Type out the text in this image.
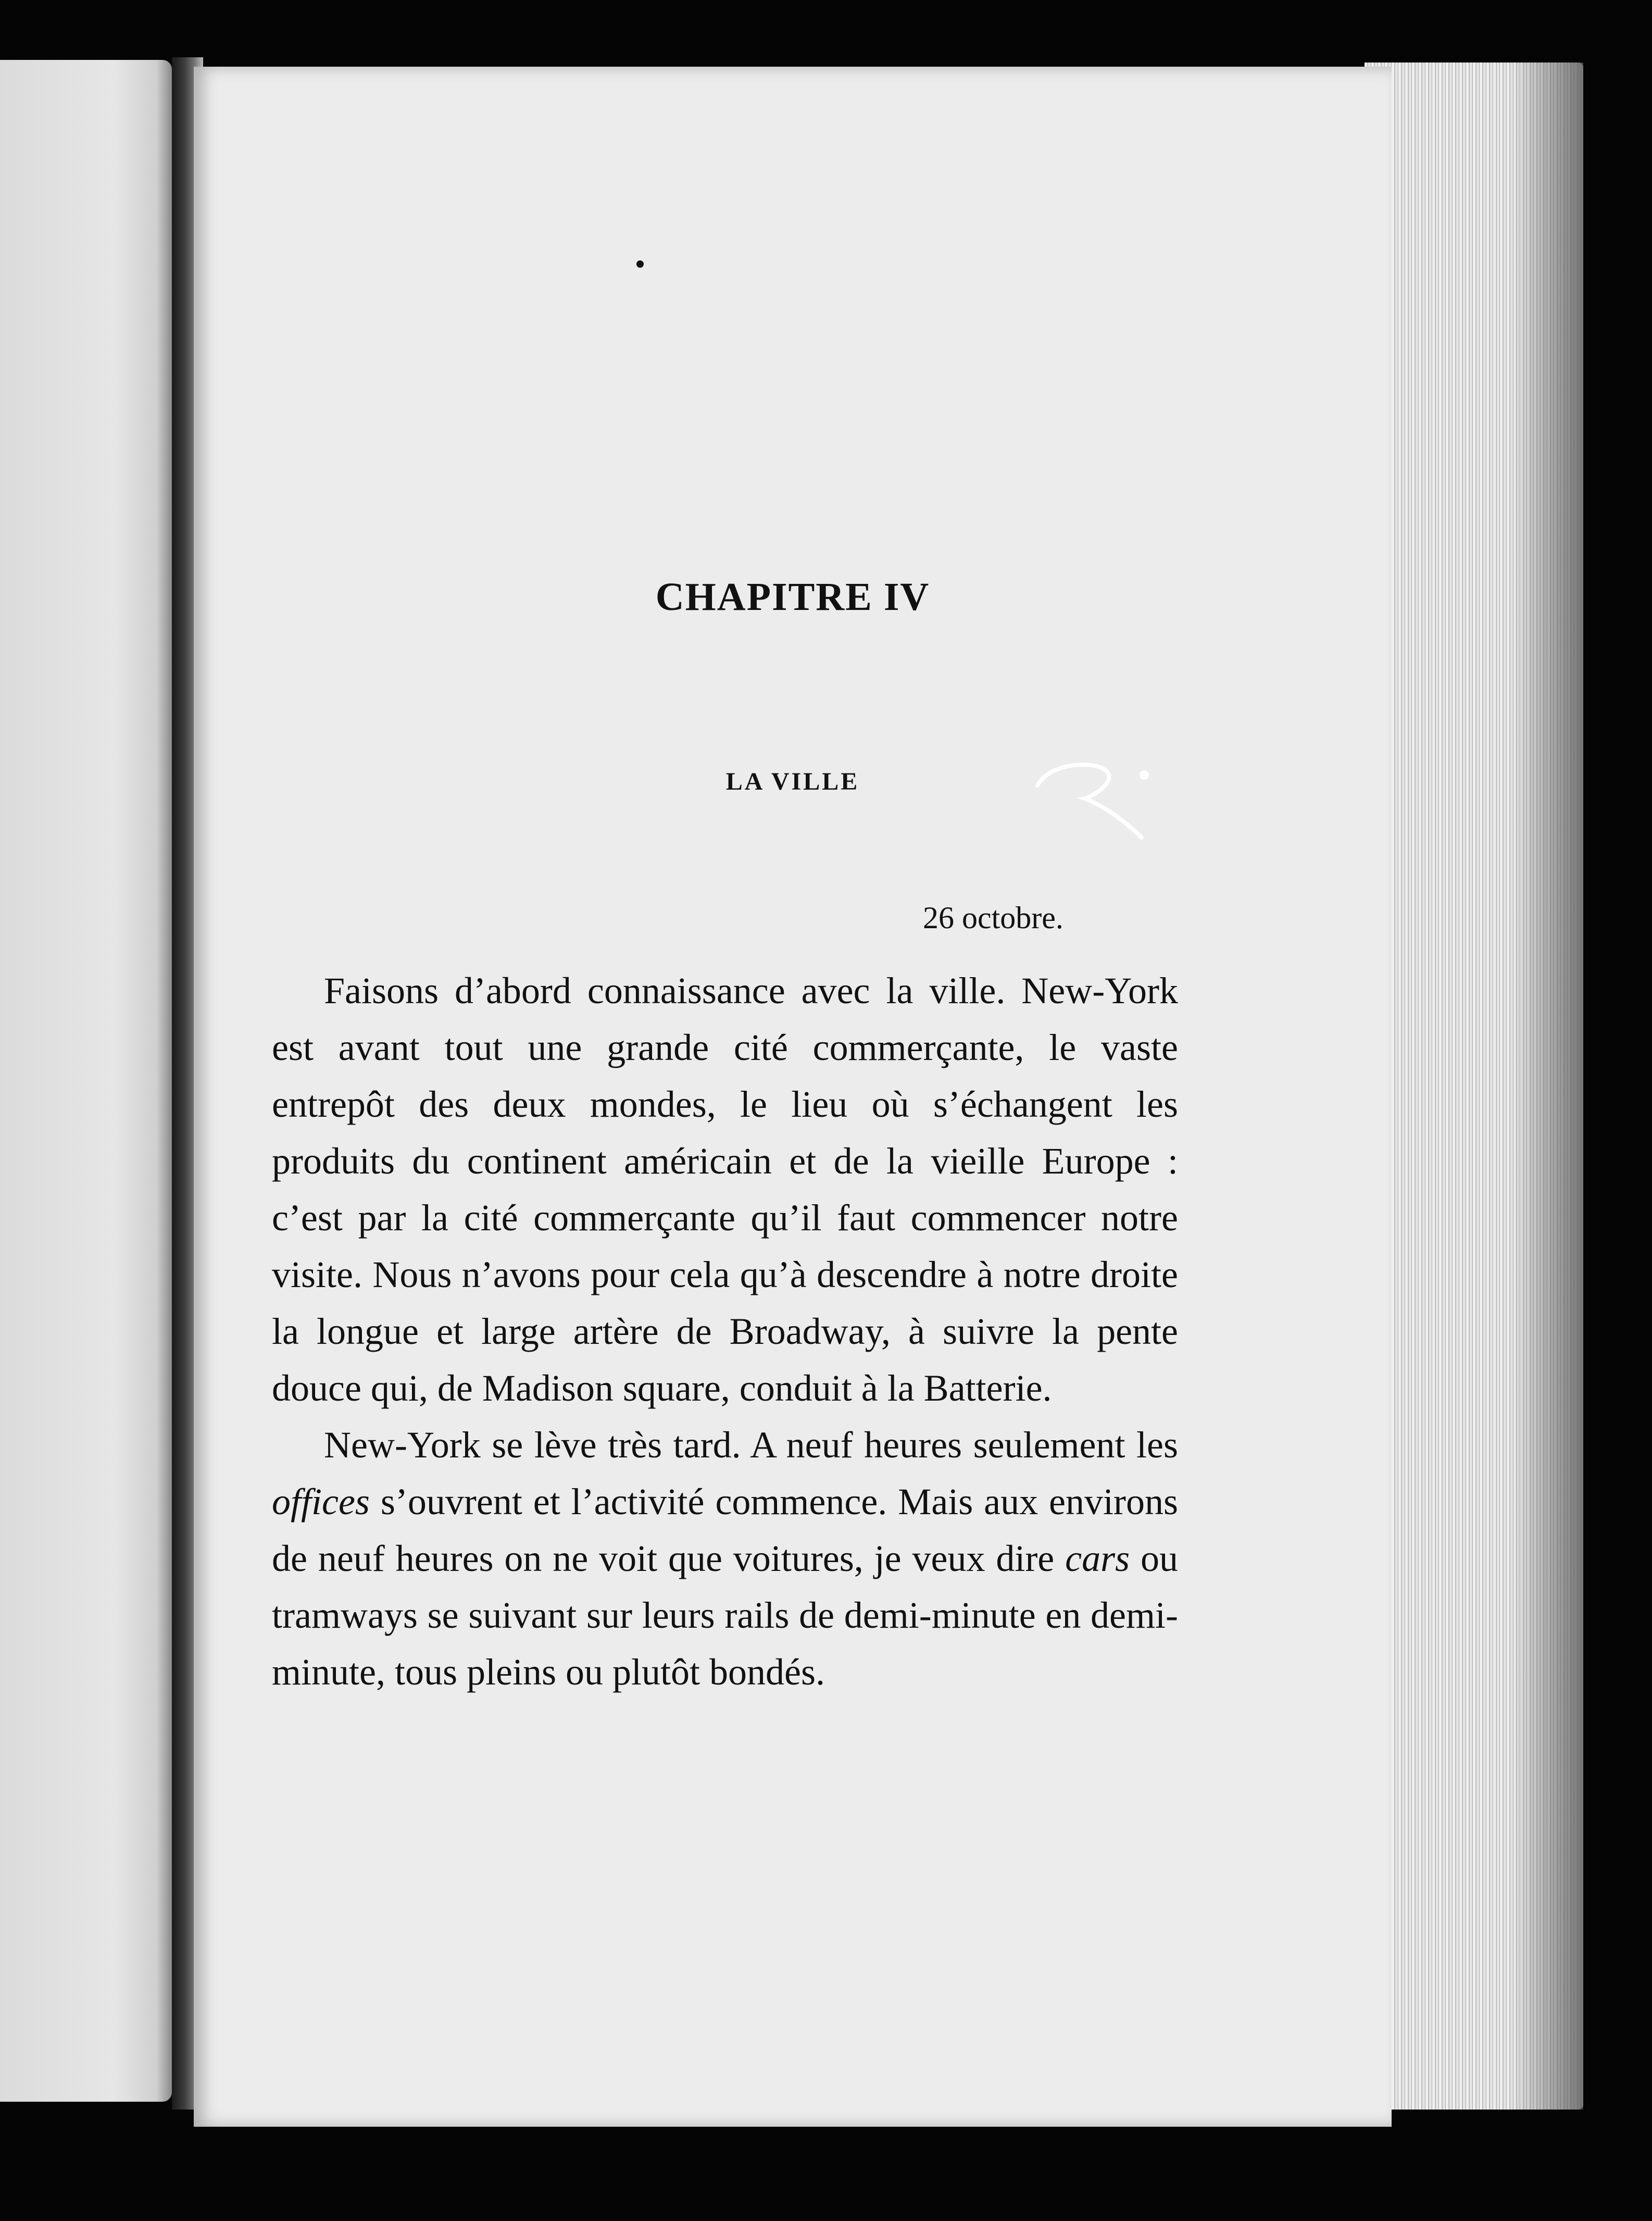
CHAPITRE IV
LA VILLE

26 octobre.

Faisons d’abord connaissance avec la ville. New-York est avant tout une grande cité commerçante, le vaste entrepôt des deux mondes, le lieu où s’échangent les produits du continent américain et de la vieille Europe : c’est par la cité commerçante qu’il faut commencer notre visite. Nous n’avons pour cela qu’à descendre à notre droite la longue et large artère de Broadway, à suivre la pente douce qui, de Madison square, conduit à la Batterie.

New-York se lève très tard. A neuf heures seulement les offices s’ouvrent et l’activité commence. Mais aux environs de neuf heures on ne voit que voitures, je veux dire cars ou tramways se suivant sur leurs rails de demi-minute en demi-minute, tous pleins ou plutôt bondés.
